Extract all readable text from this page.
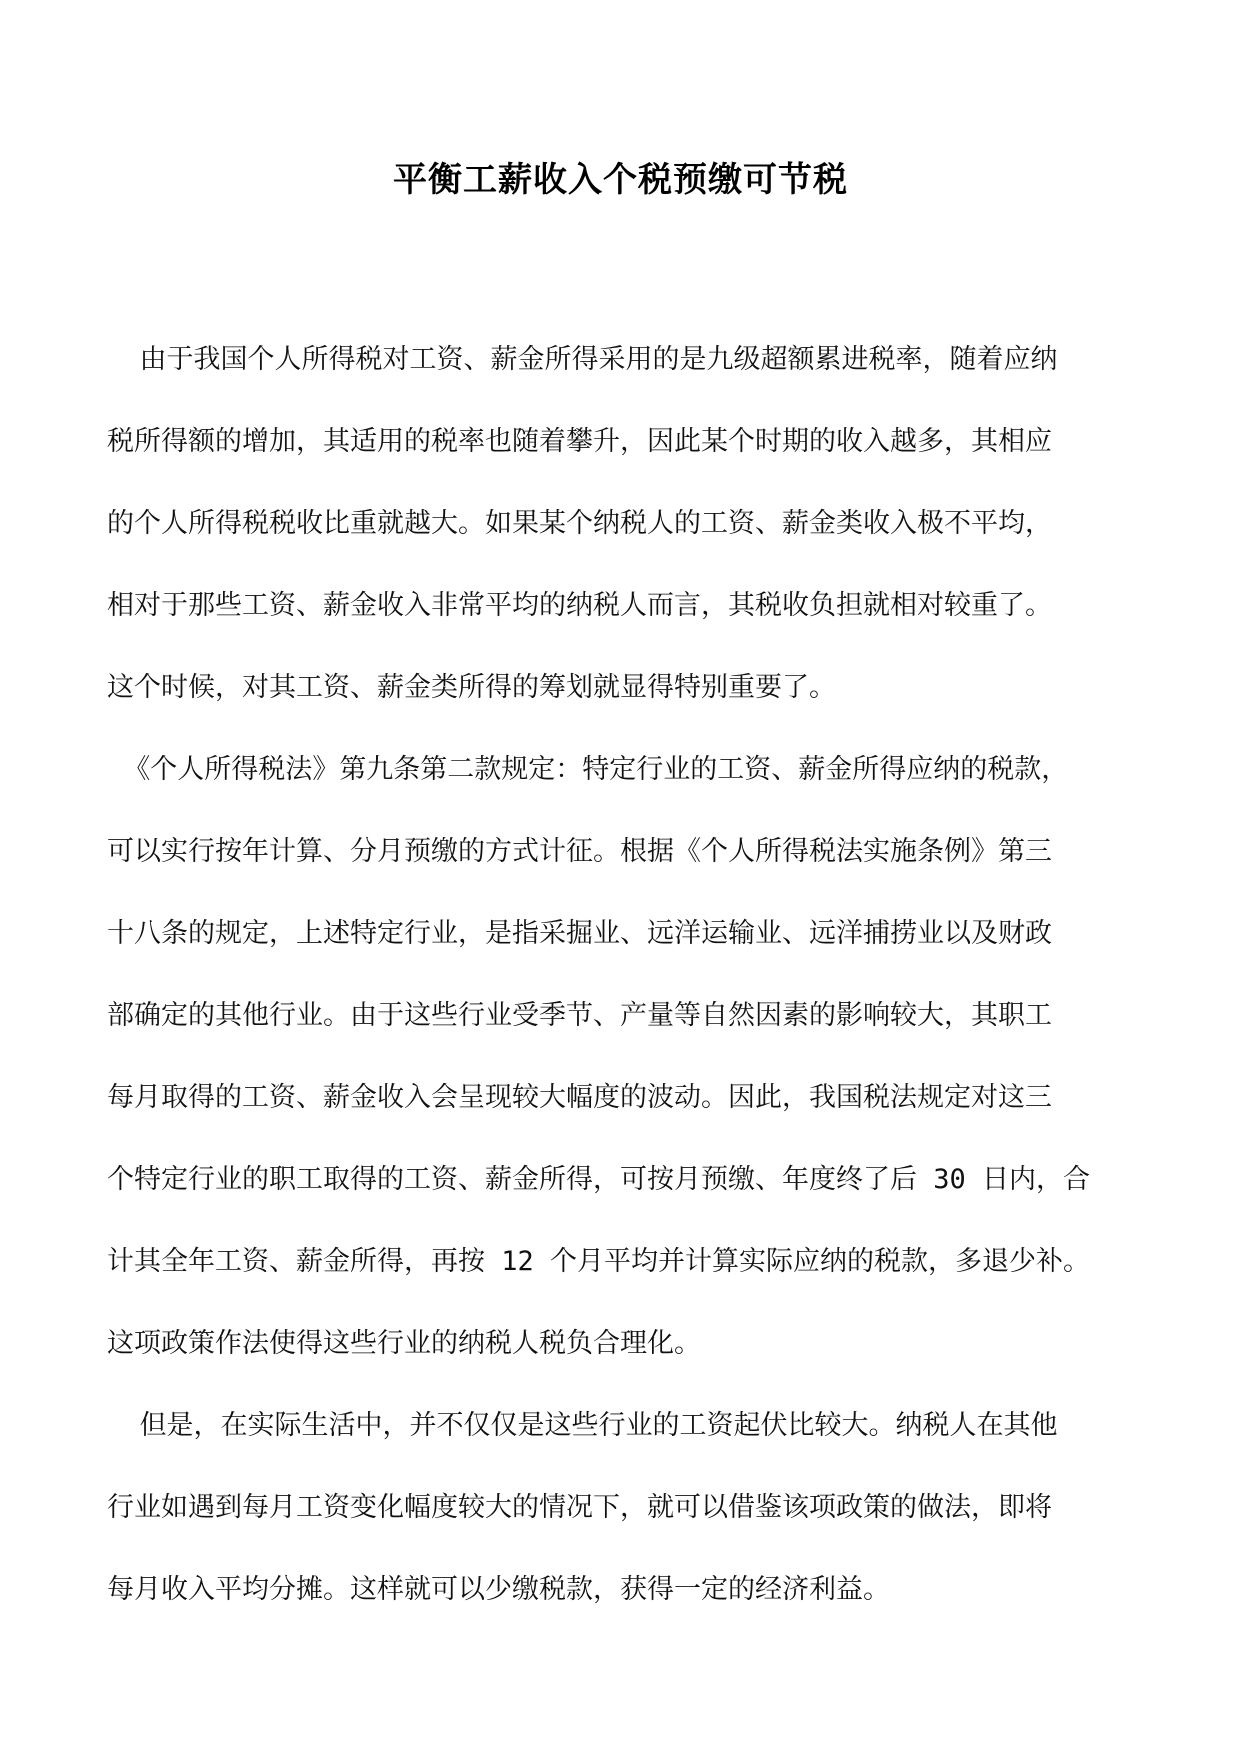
平衡工薪收入个税预缴可节税
由于我国个人所得税对工资、薪金所得采用的是九级超额累进税率，随着应纳
税所得额的增加，其适用的税率也随着攀升，因此某个时期的收入越多，其相应
的个人所得税税收比重就越大。如果某个纳税人的工资、薪金类收入极不平均，
相对于那些工资、薪金收入非常平均的纳税人而言，其税收负担就相对较重了。
这个时候，对其工资、薪金类所得的筹划就显得特别重要了。
《个人所得税法》第九条第二款规定：特定行业的工资、薪金所得应纳的税款，
可以实行按年计算、分月预缴的方式计征。根据《个人所得税法实施条例》第三
十八条的规定，上述特定行业，是指采掘业、远洋运输业、远洋捕捞业以及财政
部确定的其他行业。由于这些行业受季节、产量等自然因素的影响较大，其职工
每月取得的工资、薪金收入会呈现较大幅度的波动。因此，我国税法规定对这三
个特定行业的职工取得的工资、薪金所得，可按月预缴、年度终了后 30 日内，合
计其全年工资、薪金所得，再按 12 个月平均并计算实际应纳的税款，多退少补。
这项政策作法使得这些行业的纳税人税负合理化。
但是，在实际生活中，并不仅仅是这些行业的工资起伏比较大。纳税人在其他
行业如遇到每月工资变化幅度较大的情况下，就可以借鉴该项政策的做法，即将
每月收入平均分摊。这样就可以少缴税款，获得一定的经济利益。
